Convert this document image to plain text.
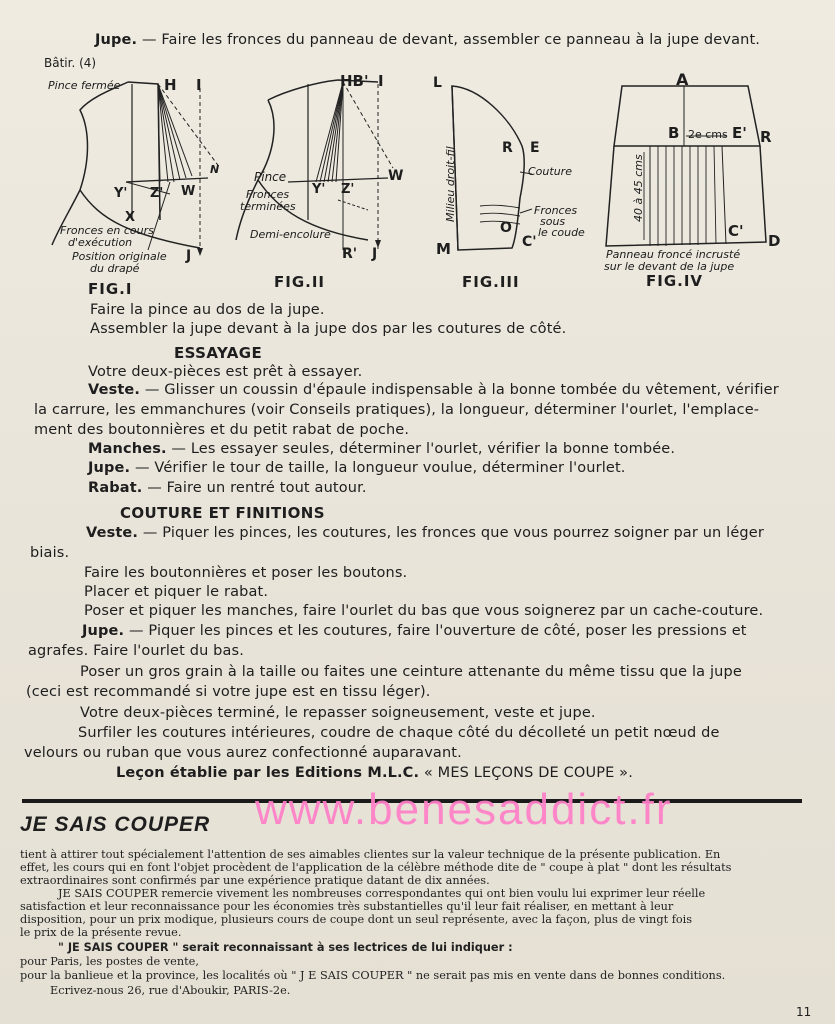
Jupe. — Faire les fronces du panneau de devant, assembler ce panneau à la jupe devant.
Bâtir. (4)
Pince fermée	H I
Y' Z' W
N
X
J
Fronces en cours
d'exécution
Position originale
du drapé
FIG.I
HB' I
W
Y' Z'
R' J
Pince
Fronces
terminées
Demi-encolure
FIG.II
L
R E
M
O
C'
Milieu droit-fil	Couture
Fronces
sous
le coude
FIG.III
A
B	E' R
C'
D
2e cms
40 à 45 cms
Panneau froncé incrusté
sur le devant de la jupe
FIG.IV
Faire la pince au dos de la jupe.
Assembler la jupe devant à la jupe dos par les coutures de côté.
ESSAYAGE
Votre deux-pièces est prêt à essayer.
Veste. — Glisser un coussin d'épaule indispensable à la bonne tombée du vêtement, vérifier
la carrure, les emmanchures (voir Conseils pratiques), la longueur, déterminer l'ourlet, l'emplace-
ment des boutonnières et du petit rabat de poche.
Manches. — Les essayer seules, déterminer l'ourlet, vérifier la bonne tombée.
Jupe. — Vérifier le tour de taille, la longueur voulue, déterminer l'ourlet.
Rabat. — Faire un rentré tout autour.
COUTURE ET FINITIONS
Veste. — Piquer les pinces, les coutures, les fronces que vous pourrez soigner par un léger
biais.
Faire les boutonnières et poser les boutons.
Placer et piquer le rabat.
Poser et piquer les manches, faire l'ourlet du bas que vous soignerez par un cache-couture.
Jupe. — Piquer les pinces et les coutures, faire l'ouverture de côté, poser les pressions et
agrafes. Faire l'ourlet du bas.
Poser un gros grain à la taille ou faites une ceinture attenante du même tissu que la jupe
(ceci est recommandé si votre jupe est en tissu léger).
Votre deux-pièces terminé, le repasser soigneusement, veste et jupe.
Surfiler les coutures intérieures, coudre de chaque côté du décolleté un petit nœud de
velours ou ruban que vous aurez confectionné auparavant.
Leçon établie par les Editions M.L.C. « MES LEÇONS DE COUPE ».
JE SAIS COUPER www.benesaddict.fr
tient à attirer tout spécialement l'attention de ses aimables clientes sur la valeur technique de la présente publication. En
effet, les cours qui en font l'objet procèdent de l'application de la célèbre méthode dite de " coupe à plat " dont les résultats
extraordinaires sont confirmés par une expérience pratique datant de dix années.
JE SAIS COUPER remercie vivement les nombreuses correspondantes qui ont bien voulu lui exprimer leur réelle
satisfaction et leur reconnaissance pour les économies très substantielles qu'il leur fait réaliser, en mettant à leur
disposition, pour un prix modique, plusieurs cours de coupe dont un seul représente, avec la façon, plus de vingt fois
le prix de la présente revue.
" JE SAIS COUPER " serait reconnaissant à ses lectrices de lui indiquer :
pour Paris, les postes de vente,
pour la banlieue et la province, les localités où " J E SAIS COUPER " ne serait pas mis en vente dans de bonnes conditions.
Ecrivez-nous 26, rue d'Aboukir, PARIS-2e.
11
